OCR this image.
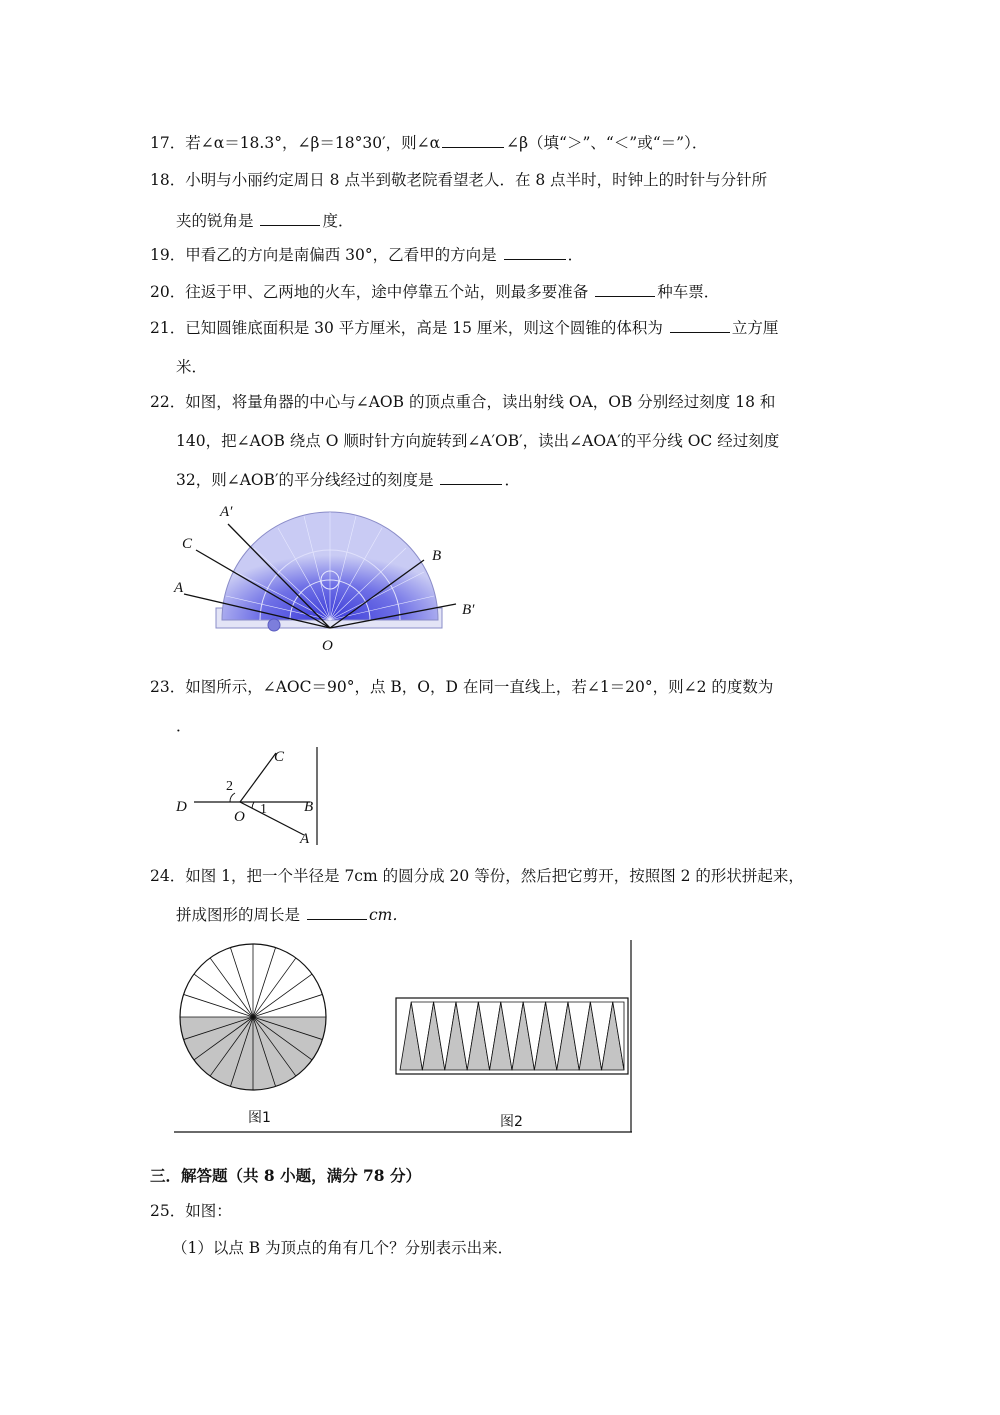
17．若∠α＝18.3°，∠β＝18°30′，则∠α	∠β（填“＞”、“＜”或“＝”）．
18．小明与小丽约定周日 8 点半到敬老院看望老人．在 8 点半时，时钟上的时针与分针所
夹的锐角是	度．
19．甲看乙的方向是南偏西 30°，乙看甲的方向是	．
20．往返于甲、乙两地的火车，途中停靠五个站，则最多要准备	种车票．
21．已知圆锥底面积是 30 平方厘米，高是 15 厘米，则这个圆锥的体积为	立方厘
米．
22．如图，将量角器的中心与∠AOB 的顶点重合，读出射线 OA，OB 分别经过刻度 18 和
140，把∠AOB 绕点 O 顺时针方向旋转到∠A′OB′，读出∠AOA′的平分线 OC 经过刻度
32，则∠AOB′的平分线经过的刻度是	．
A′
C
A
B
B′
O
23．如图所示，∠AOC＝90°，点 B，O，D 在同一直线上，若∠1＝20°，则∠2 的度数为
．
C
D
O
B
A
1
2
24．如图 1，把一个半径是 7cm 的圆分成 20 等份，然后把它剪开，按照图 2 的形状拼起来，
拼成图形的周长是	cm．
图1	图2
三．解答题（共 8 小题，满分 78 分）
25．如图：
（1）以点 B 为顶点的角有几个？分别表示出来．
